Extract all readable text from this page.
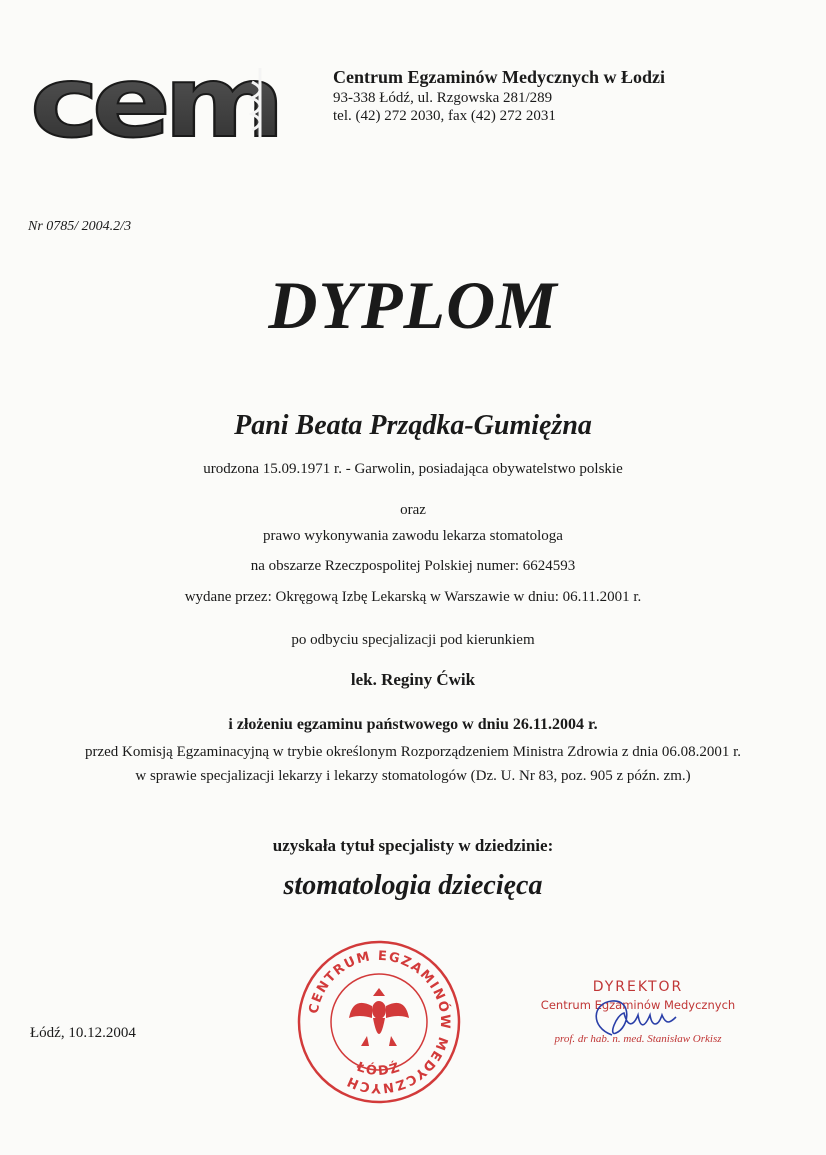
cem	Centrum Egzaminów Medycznych w Łodzi
93-338 Łódź, ul. Rzgowska 281/289
tel. (42) 272 2030, fax (42) 272 2031
Nr 0785/ 2004.2/3
DYPLOM
Pani Beata Prządka-Gumiężna
urodzona 15.09.1971 r. - Garwolin, posiadająca obywatelstwo polskie
oraz
prawo wykonywania zawodu lekarza stomatologa
na obszarze Rzeczpospolitej Polskiej numer: 6624593
wydane przez: Okręgową Izbę Lekarską w Warszawie w dniu: 06.11.2001 r.
po odbyciu specjalizacji pod kierunkiem
lek. Reginy Ćwik
i złożeniu egzaminu państwowego w dniu 26.11.2004 r.
przed Komisją Egzaminacyjną w trybie określonym Rozporządzeniem Ministra Zdrowia z dnia 06.08.2001 r.
w sprawie specjalizacji lekarzy i lekarzy stomatologów (Dz. U. Nr 83, poz. 905 z późn. zm.)
uzyskała tytuł specjalisty w dziedzinie:
stomatologia dziecięca
Łódź, 10.12.2004
CENTRUM EGZAMINÓW MEDYCZNYCH
ŁÓDŹ
DYREKTOR
Centrum Egzaminów Medycznych
prof. dr hab. n. med. Stanisław Orkisz
